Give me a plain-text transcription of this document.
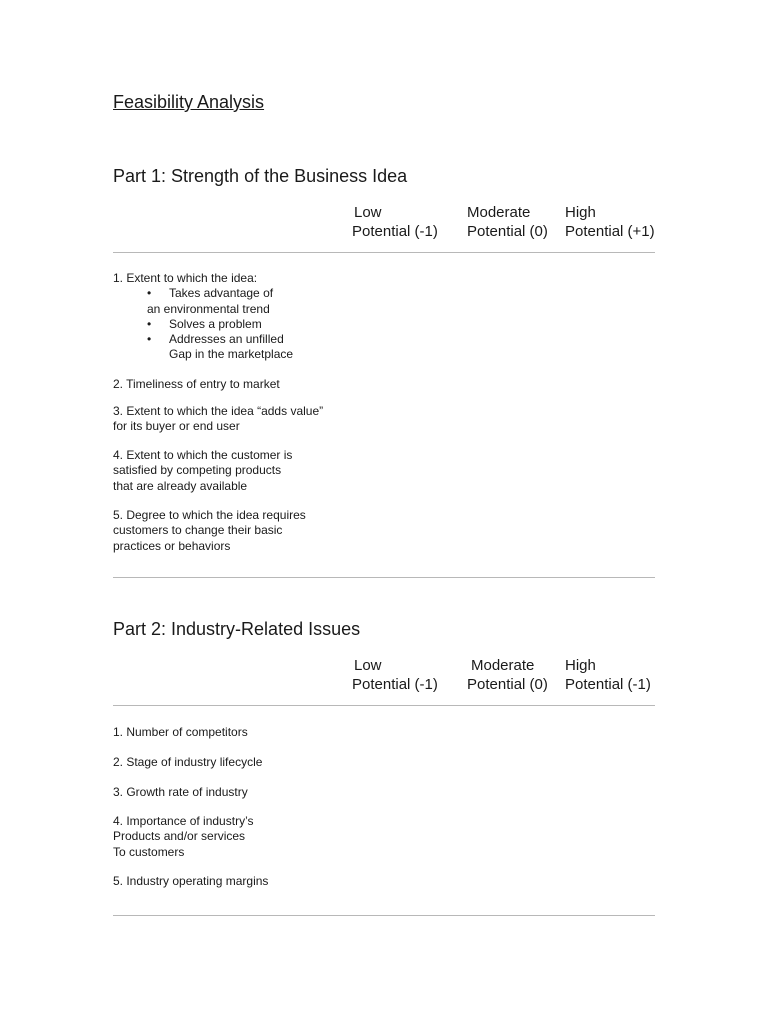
Feasibility Analysis
Part 1: Strength of the Business Idea
Low
Potential (-1)
Moderate
Potential (0)
High
Potential (+1)
1. Extent to which the idea:
• Takes advantage of
an environmental trend
• Solves a problem
• Addresses an unfilled
Gap in the marketplace
2. Timeliness of entry to market
3. Extent to which the idea “adds value”
for its buyer or end user
4. Extent to which the customer is
satisfied by competing products
that are already available
5. Degree to which the idea requires
customers to change their basic
practices or behaviors
Part 2: Industry-Related Issues
Low
Potential (-1)
Moderate
Potential (0)
High
Potential (-1)
1. Number of competitors
2. Stage of industry lifecycle
3. Growth rate of industry
4. Importance of industry’s
Products and/or services
To customers
5. Industry operating margins
